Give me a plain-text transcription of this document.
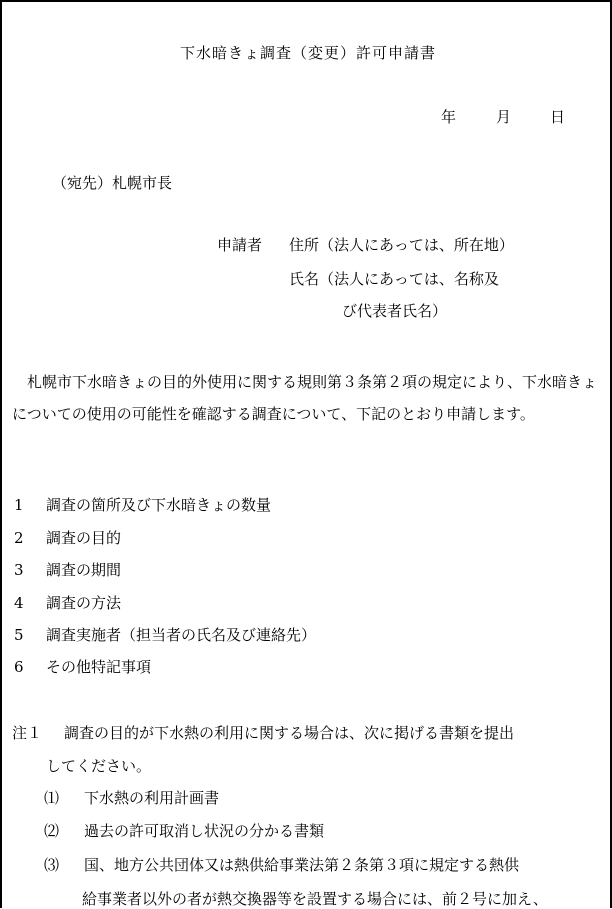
下水暗きょ調査（変更）許可申請書
年	月	日
（宛先）札幌市長
申請者 住所（法人にあっては、所在地）
氏名（法人にあっては、名称及
び代表者氏名）
札幌市下水暗きょの目的外使用に関する規則第３条第２項の規定により、下水暗きょについての使用の可能性を確認する調査について、下記のとおり申請します。
1 調査の箇所及び下水暗きょの数量
2 調査の目的
3 調査の期間
4 調査の方法
5 調査実施者（担当者の氏名及び連絡先）
6 その他特記事項
注１ 調査の目的が下水熱の利用に関する場合は、次に掲げる書類を提出
してください。
⑴ 下水熱の利用計画書
⑵ 過去の許可取消し状況の分かる書類
⑶ 国、地方公共団体又は熱供給事業法第２条第３項に規定する熱供
給事業者以外の者が熱交換器等を設置する場合には、前２号に加え、
